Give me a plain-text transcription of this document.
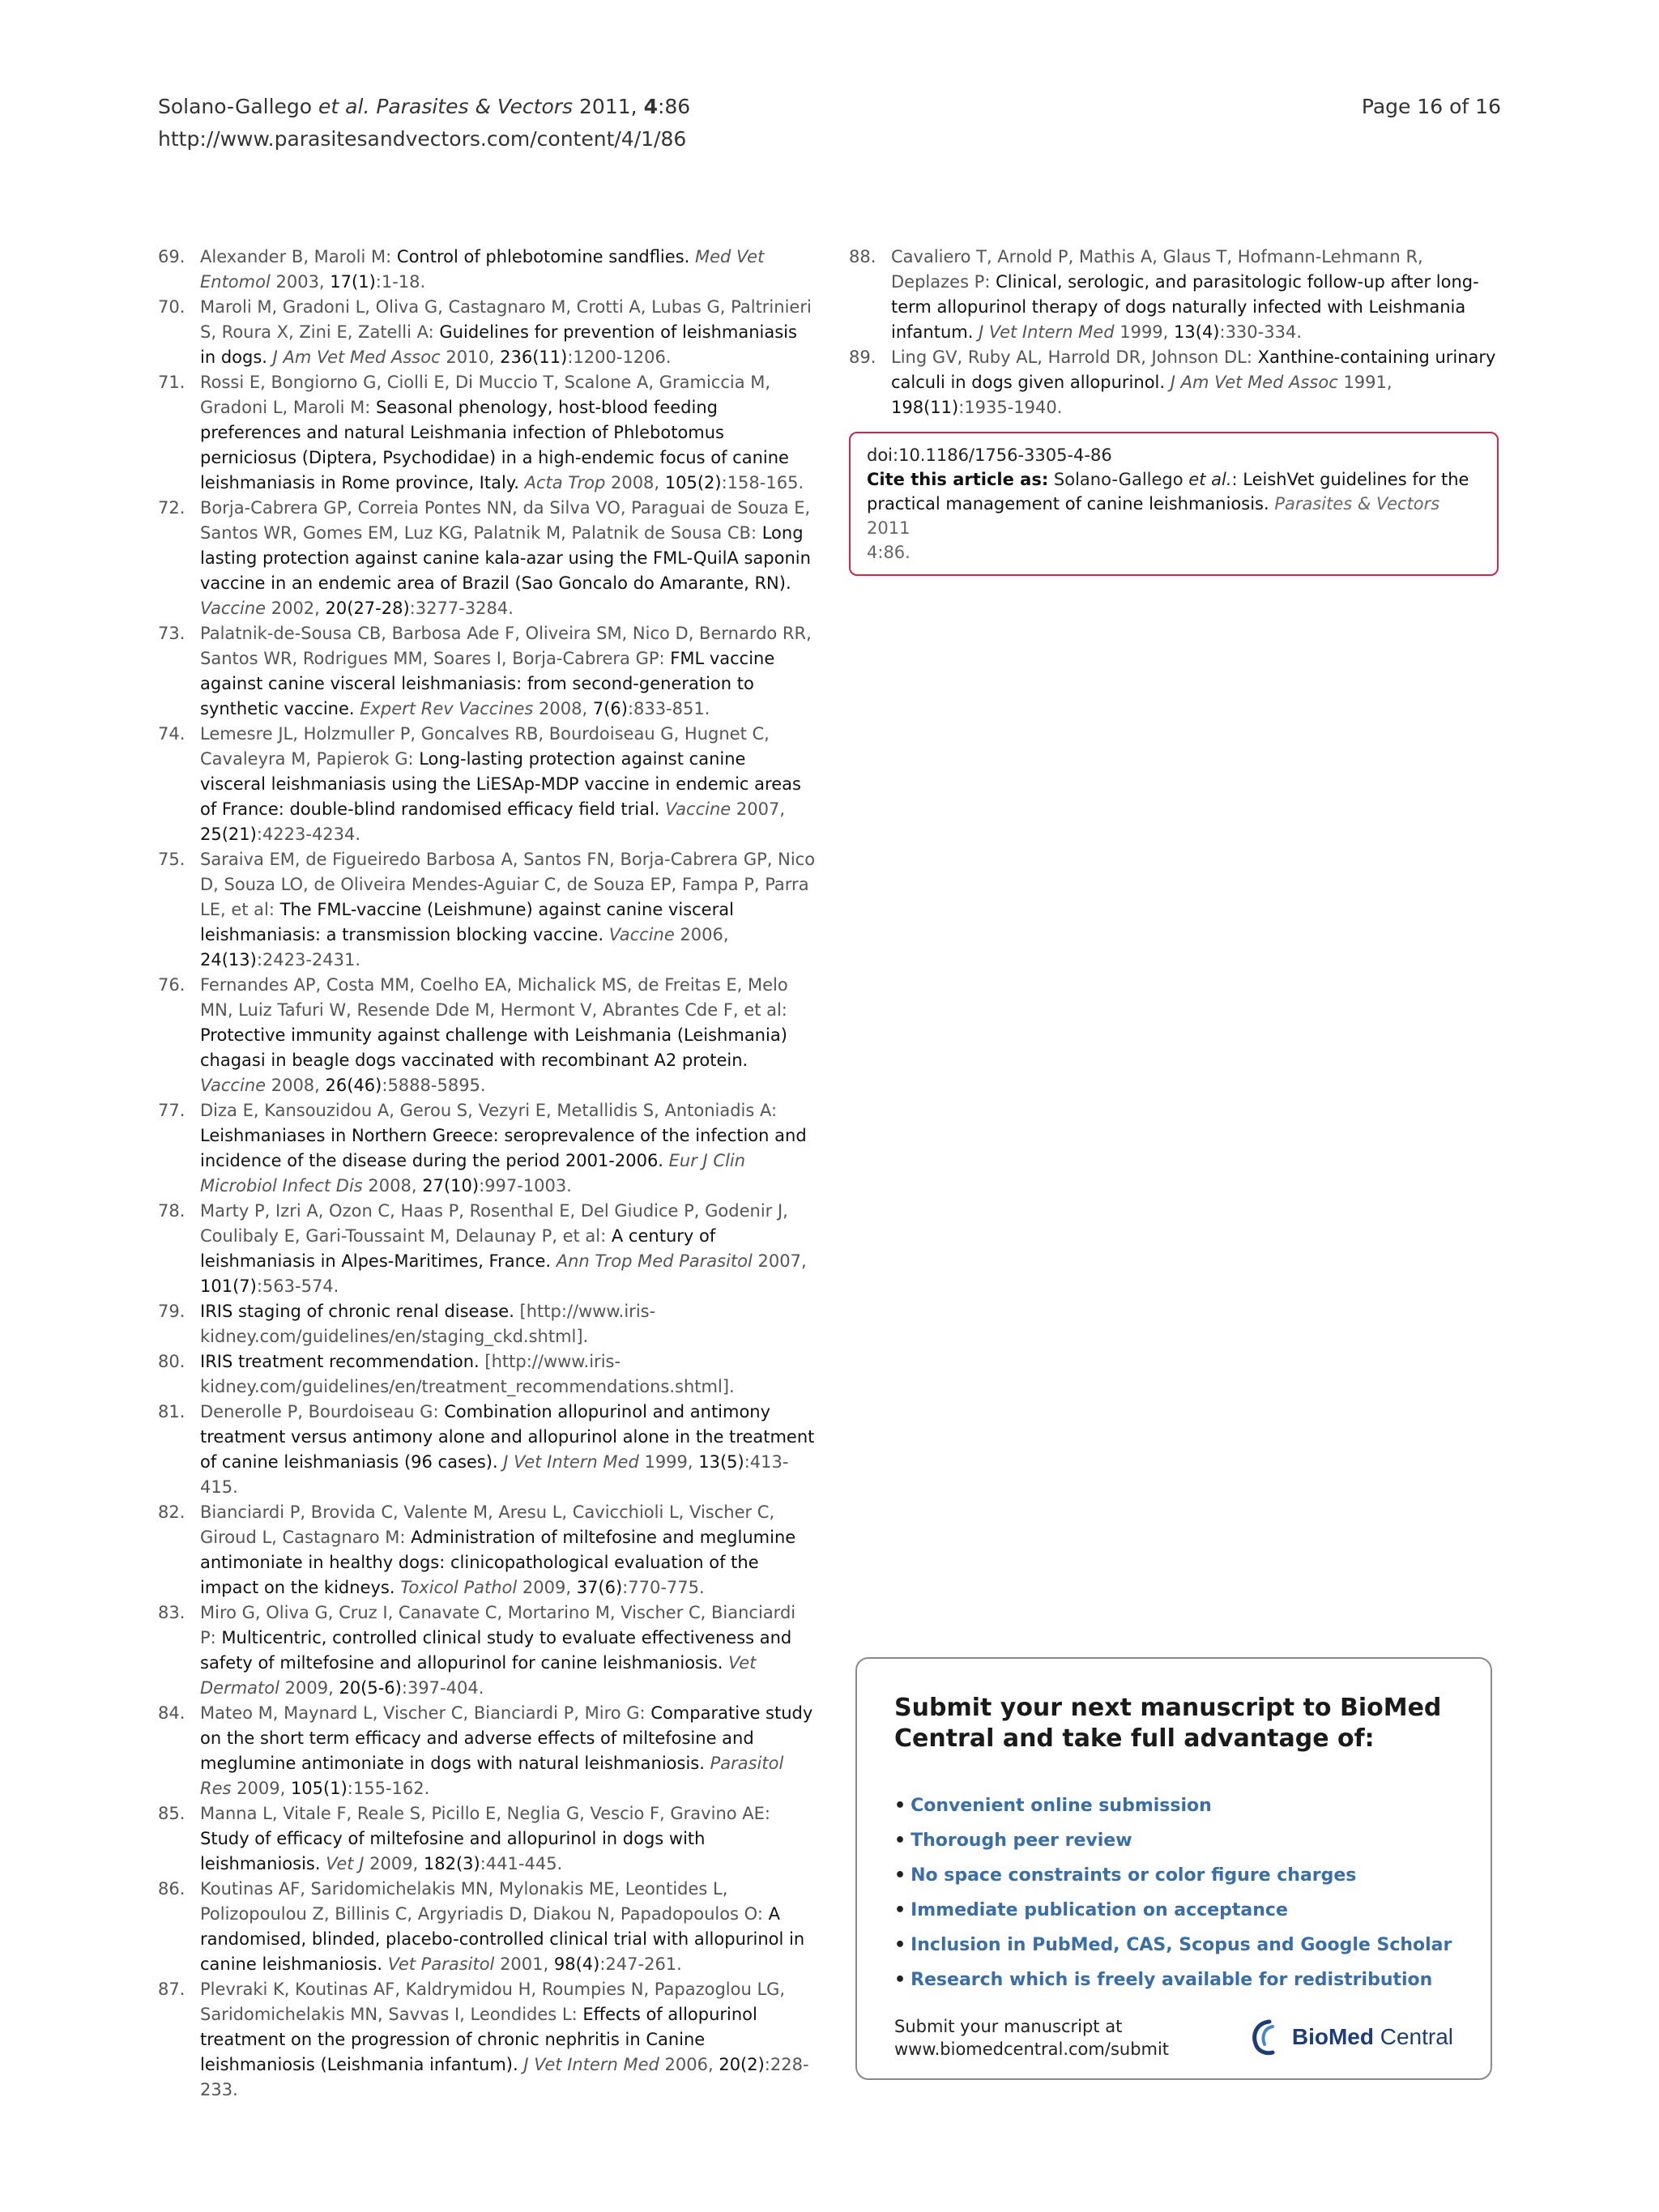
Solano-Gallego et al. Parasites & Vectors 2011, 4:86
http://www.parasitesandvectors.com/content/4/1/86
Page 16 of 16
69. Alexander B, Maroli M: Control of phlebotomine sandflies. Med Vet Entomol 2003, 17(1):1-18.
70. Maroli M, Gradoni L, Oliva G, Castagnaro M, Crotti A, Lubas G, Paltrinieri S, Roura X, Zini E, Zatelli A: Guidelines for prevention of leishmaniasis in dogs. J Am Vet Med Assoc 2010, 236(11):1200-1206.
71. Rossi E, Bongiorno G, Ciolli E, Di Muccio T, Scalone A, Gramiccia M, Gradoni L, Maroli M: Seasonal phenology, host-blood feeding preferences and natural Leishmania infection of Phlebotomus perniciosus (Diptera, Psychodidae) in a high-endemic focus of canine leishmaniasis in Rome province, Italy. Acta Trop 2008, 105(2):158-165.
72. Borja-Cabrera GP, Correia Pontes NN, da Silva VO, Paraguai de Souza E, Santos WR, Gomes EM, Luz KG, Palatnik M, Palatnik de Sousa CB: Long lasting protection against canine kala-azar using the FML-QuilA saponin vaccine in an endemic area of Brazil (Sao Goncalo do Amarante, RN). Vaccine 2002, 20(27-28):3277-3284.
73. Palatnik-de-Sousa CB, Barbosa Ade F, Oliveira SM, Nico D, Bernardo RR, Santos WR, Rodrigues MM, Soares I, Borja-Cabrera GP: FML vaccine against canine visceral leishmaniasis: from second-generation to synthetic vaccine. Expert Rev Vaccines 2008, 7(6):833-851.
74. Lemesre JL, Holzmuller P, Goncalves RB, Bourdoiseau G, Hugnet C, Cavaleyra M, Papierok G: Long-lasting protection against canine visceral leishmaniasis using the LiESAp-MDP vaccine in endemic areas of France: double-blind randomised efficacy field trial. Vaccine 2007, 25(21):4223-4234.
75. Saraiva EM, de Figueiredo Barbosa A, Santos FN, Borja-Cabrera GP, Nico D, Souza LO, de Oliveira Mendes-Aguiar C, de Souza EP, Fampa P, Parra LE, et al: The FML-vaccine (Leishmune) against canine visceral leishmaniasis: a transmission blocking vaccine. Vaccine 2006, 24(13):2423-2431.
76. Fernandes AP, Costa MM, Coelho EA, Michalick MS, de Freitas E, Melo MN, Luiz Tafuri W, Resende Dde M, Hermont V, Abrantes Cde F, et al: Protective immunity against challenge with Leishmania (Leishmania) chagasi in beagle dogs vaccinated with recombinant A2 protein. Vaccine 2008, 26(46):5888-5895.
77. Diza E, Kansouzidou A, Gerou S, Vezyri E, Metallidis S, Antoniadis A: Leishmaniases in Northern Greece: seroprevalence of the infection and incidence of the disease during the period 2001-2006. Eur J Clin Microbiol Infect Dis 2008, 27(10):997-1003.
78. Marty P, Izri A, Ozon C, Haas P, Rosenthal E, Del Giudice P, Godenir J, Coulibaly E, Gari-Toussaint M, Delaunay P, et al: A century of leishmaniasis in Alpes-Maritimes, France. Ann Trop Med Parasitol 2007, 101(7):563-574.
79. IRIS staging of chronic renal disease. [http://www.iris-kidney.com/guidelines/en/staging_ckd.shtml].
80. IRIS treatment recommendation. [http://www.iris-kidney.com/guidelines/en/treatment_recommendations.shtml].
81. Denerolle P, Bourdoiseau G: Combination allopurinol and antimony treatment versus antimony alone and allopurinol alone in the treatment of canine leishmaniasis (96 cases). J Vet Intern Med 1999, 13(5):413-415.
82. Bianciardi P, Brovida C, Valente M, Aresu L, Cavicchioli L, Vischer C, Giroud L, Castagnaro M: Administration of miltefosine and meglumine antimoniate in healthy dogs: clinicopathological evaluation of the impact on the kidneys. Toxicol Pathol 2009, 37(6):770-775.
83. Miro G, Oliva G, Cruz I, Canavate C, Mortarino M, Vischer C, Bianciardi P: Multicentric, controlled clinical study to evaluate effectiveness and safety of miltefosine and allopurinol for canine leishmaniosis. Vet Dermatol 2009, 20(5-6):397-404.
84. Mateo M, Maynard L, Vischer C, Bianciardi P, Miro G: Comparative study on the short term efficacy and adverse effects of miltefosine and meglumine antimoniate in dogs with natural leishmaniosis. Parasitol Res 2009, 105(1):155-162.
85. Manna L, Vitale F, Reale S, Picillo E, Neglia G, Vescio F, Gravino AE: Study of efficacy of miltefosine and allopurinol in dogs with leishmaniosis. Vet J 2009, 182(3):441-445.
86. Koutinas AF, Saridomichelakis MN, Mylonakis ME, Leontides L, Polizopoulou Z, Billinis C, Argyriadis D, Diakou N, Papadopoulos O: A randomised, blinded, placebo-controlled clinical trial with allopurinol in canine leishmaniosis. Vet Parasitol 2001, 98(4):247-261.
87. Plevraki K, Koutinas AF, Kaldrymidou H, Roumpies N, Papazoglou LG, Saridomichelakis MN, Savvas I, Leondides L: Effects of allopurinol treatment on the progression of chronic nephritis in Canine leishmaniosis (Leishmania infantum). J Vet Intern Med 2006, 20(2):228-233.
88. Cavaliero T, Arnold P, Mathis A, Glaus T, Hofmann-Lehmann R, Deplazes P: Clinical, serologic, and parasitologic follow-up after long-term allopurinol therapy of dogs naturally infected with Leishmania infantum. J Vet Intern Med 1999, 13(4):330-334.
89. Ling GV, Ruby AL, Harrold DR, Johnson DL: Xanthine-containing urinary calculi in dogs given allopurinol. J Am Vet Med Assoc 1991, 198(11):1935-1940.
doi:10.1186/1756-3305-4-86
Cite this article as: Solano-Gallego et al.: LeishVet guidelines for the practical management of canine leishmaniosis. Parasites & Vectors 2011
4:86.
Submit your next manuscript to BioMed Central and take full advantage of:
• Convenient online submission
• Thorough peer review
• No space constraints or color figure charges
• Immediate publication on acceptance
• Inclusion in PubMed, CAS, Scopus and Google Scholar
• Research which is freely available for redistribution
Submit your manuscript at
www.biomedcentral.com/submit	BioMed Central
